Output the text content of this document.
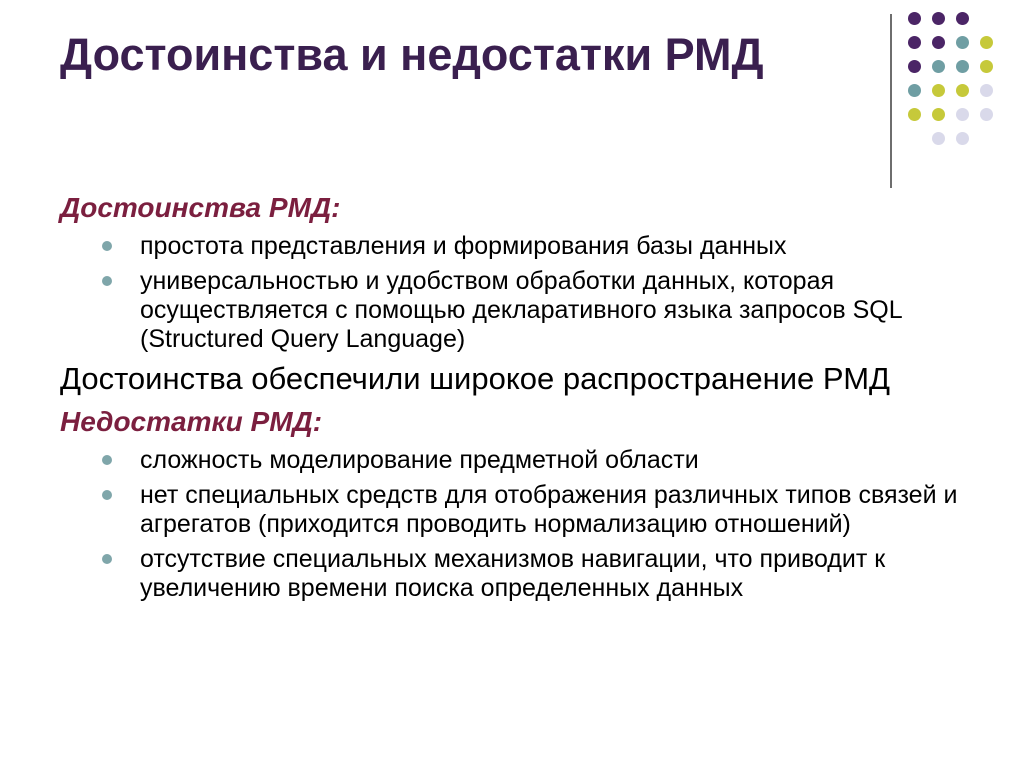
Достоинства и недостатки РМД
Достоинства РМД:
простота представления и формирования базы данных
универсальностью и удобством обработки данных, которая осуществляется с помощью декларативного языка запросов SQL (Structured Query Language)

Достоинства обеспечили широкое распространение РМД

Недостатки РМД:
сложность моделирование предметной области
нет специальных средств для отображения различных типов связей и агрегатов (приходится проводить нормализацию отношений)
отсутствие специальных механизмов навигации, что приводит к увеличению времени поиска определенных данных
